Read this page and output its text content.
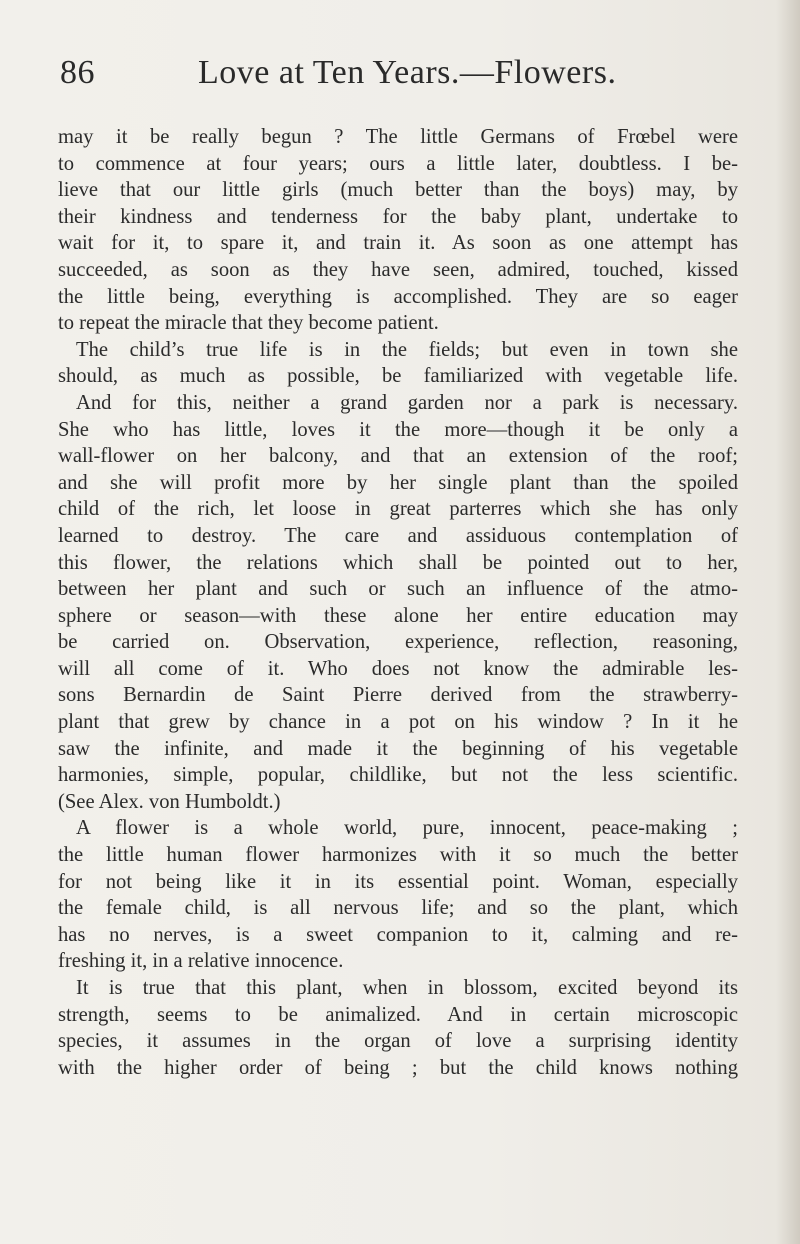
86	Love at Ten Years.—Flowers.
may it be really begun ? The little Germans of Frœbel were
to commence at four years; ours a little later, doubtless. I be-
lieve that our little girls (much better than the boys) may, by
their kindness and tenderness for the baby plant, undertake to
wait for it, to spare it, and train it. As soon as one attempt has
succeeded, as soon as they have seen, admired, touched, kissed
the little being, everything is accomplished. They are so eager
to repeat the miracle that they become patient.
The child’s true life is in the fields; but even in town she
should, as much as possible, be familiarized with vegetable life.
And for this, neither a grand garden nor a park is necessary.
She who has little, loves it the more—though it be only a
wall-flower on her balcony, and that an extension of the roof;
and she will profit more by her single plant than the spoiled
child of the rich, let loose in great parterres which she has only
learned to destroy. The care and assiduous contemplation of
this flower, the relations which shall be pointed out to her,
between her plant and such or such an influence of the atmo-
sphere or season—with these alone her entire education may
be carried on. Observation, experience, reflection, reasoning,
will all come of it. Who does not know the admirable les-
sons Bernardin de Saint Pierre derived from the strawberry-
plant that grew by chance in a pot on his window ? In it he
saw the infinite, and made it the beginning of his vegetable
harmonies, simple, popular, childlike, but not the less scientific.
(See Alex. von Humboldt.)
A flower is a whole world, pure, innocent, peace-making ;
the little human flower harmonizes with it so much the better
for not being like it in its essential point. Woman, especially
the female child, is all nervous life; and so the plant, which
has no nerves, is a sweet companion to it, calming and re-
freshing it, in a relative innocence.
It is true that this plant, when in blossom, excited beyond its
strength, seems to be animalized. And in certain microscopic
species, it assumes in the organ of love a surprising identity
with the higher order of being ; but the child knows nothing
